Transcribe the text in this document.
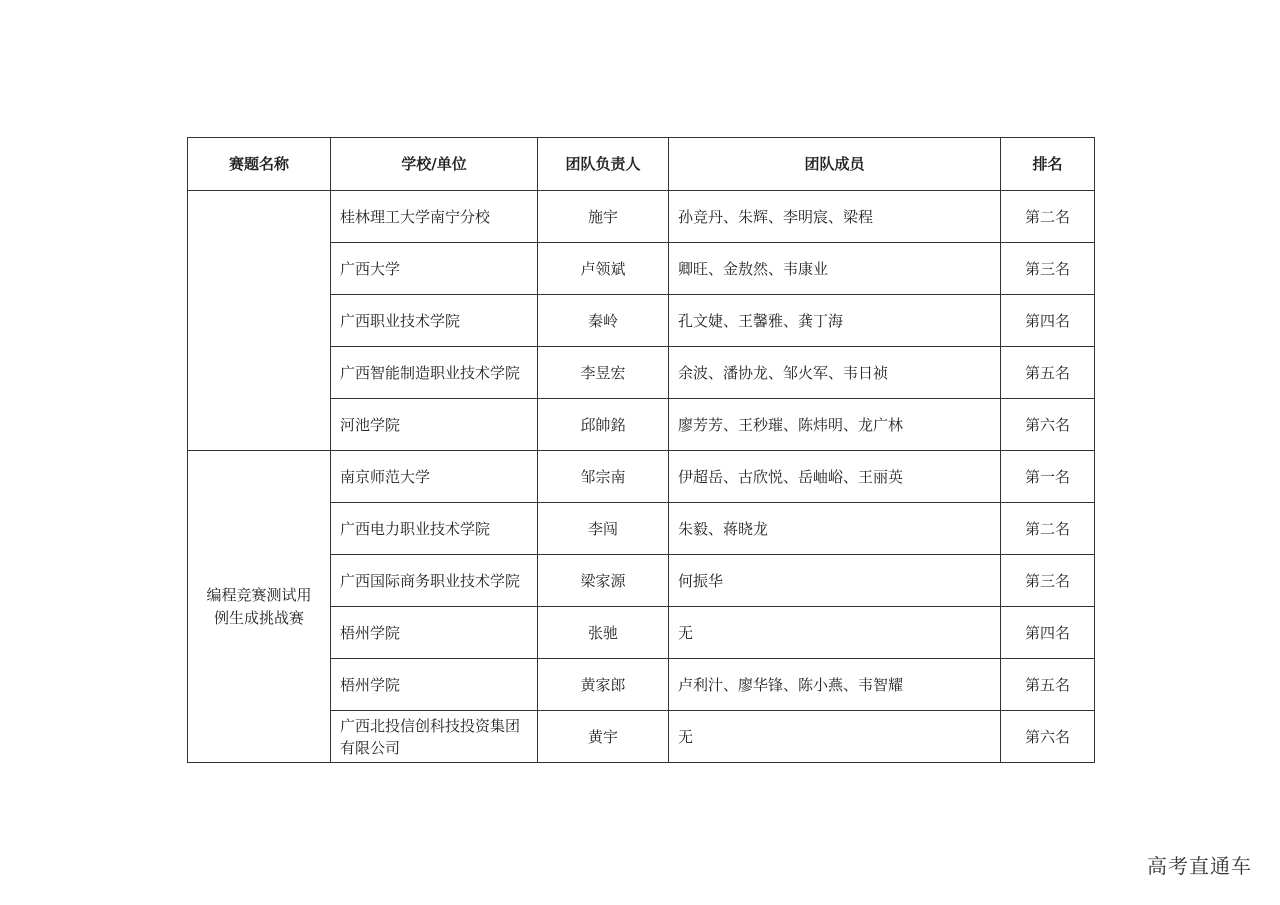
赛题名称	学校/单位	团队负责人	团队成员	排名
	桂林理工大学南宁分校	施宇	孙竞丹、朱辉、李明宸、梁程	第二名
	广西大学	卢领斌	卿旺、金敖然、韦康业	第三名
	广西职业技术学院	秦岭	孔文婕、王馨雅、龚丁海	第四名
	广西智能制造职业技术学院	李昱宏	余波、潘协龙、邹火军、韦日祯	第五名
	河池学院	邱帥銘	廖芳芳、王秒璀、陈炜明、龙广林	第六名
编程竞赛测试用例生成挑战赛	南京师范大学	邹宗南	伊超岳、古欣悦、岳岫峪、王丽英	第一名
	广西电力职业技术学院	李闯	朱毅、蒋晓龙	第二名
	广西国际商务职业技术学院	梁家源	何振华	第三名
	梧州学院	张驰	无	第四名
	梧州学院	黄家郎	卢利汁、廖华锋、陈小燕、韦智耀	第五名
	广西北投信创科技投资集团有限公司	黄宇	无	第六名
高考直通车
